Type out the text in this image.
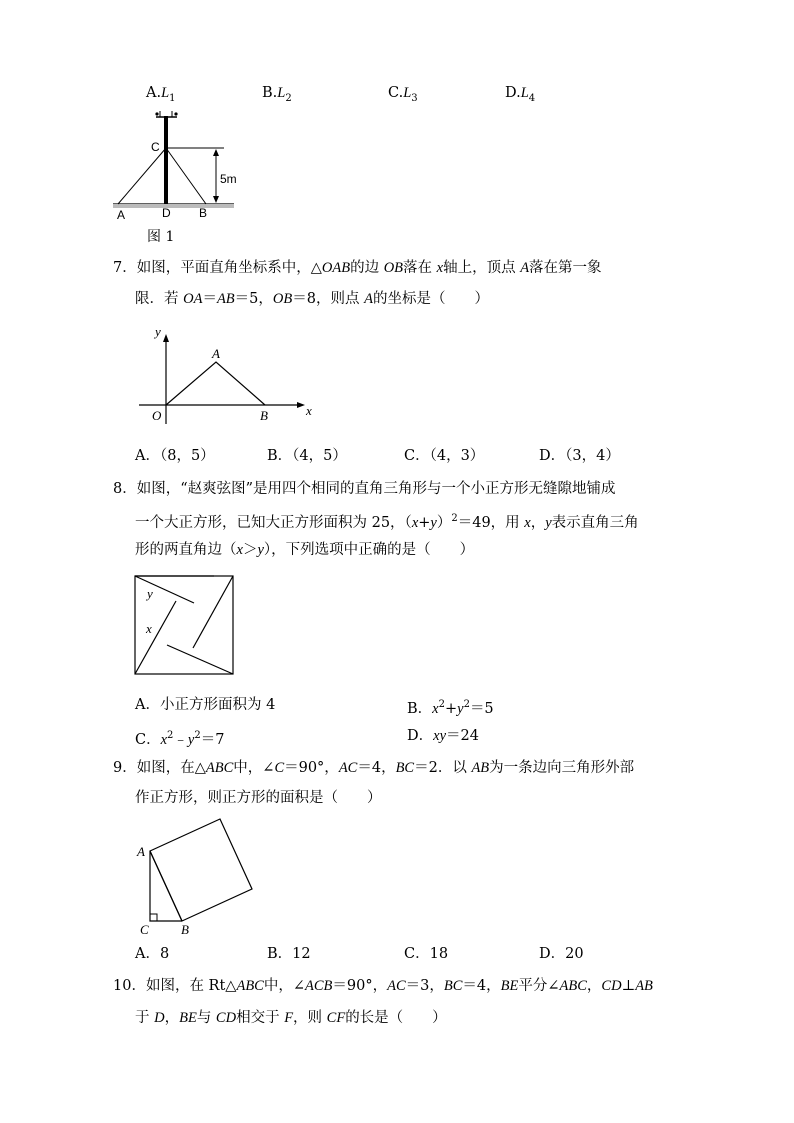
$A.L_1$	$B.L_2$	$C.L_3$	$D.L_4$
C
5m
A	D B
图 1
7．如图，平面直角坐标系中，△OAB的边 OB落在 x轴上，顶点 A落在第一象
限．若 OA＝AB＝5，OB＝8，则点 A的坐标是（　　）
y
A
O	B	x
A．（8，5）	B．（4，5）	C．（4，3）	D．（3，4）
8．如图，“赵爽弦图”是用四个相同的直角三角形与一个小正方形无缝隙地铺成
一个大正方形，已知大正方形面积为 25，$(x+y)^2=49$，用 x，y表示直角三角
形的两直角边（x＞y），下列选项中正确的是（　　）
y
x
A．小正方形面积为 4	B．$x^2+y^2=5$
C．$x^2﹣y^2=7$	D．xy＝24
9．如图，在△ABC中，∠C＝90°，AC＝4，BC＝2．以 AB为一条边向三角形外部
作正方形，则正方形的面积是（　　）
A
C B
A．8	B．12	C．18	D．20
10．如图，在 Rt△ABC中，∠ACB＝90°，AC＝3，BC＝4，BE平分∠ABC，CD⊥AB
于 D，BE与 CD相交于 F，则 CF的长是（　　）
